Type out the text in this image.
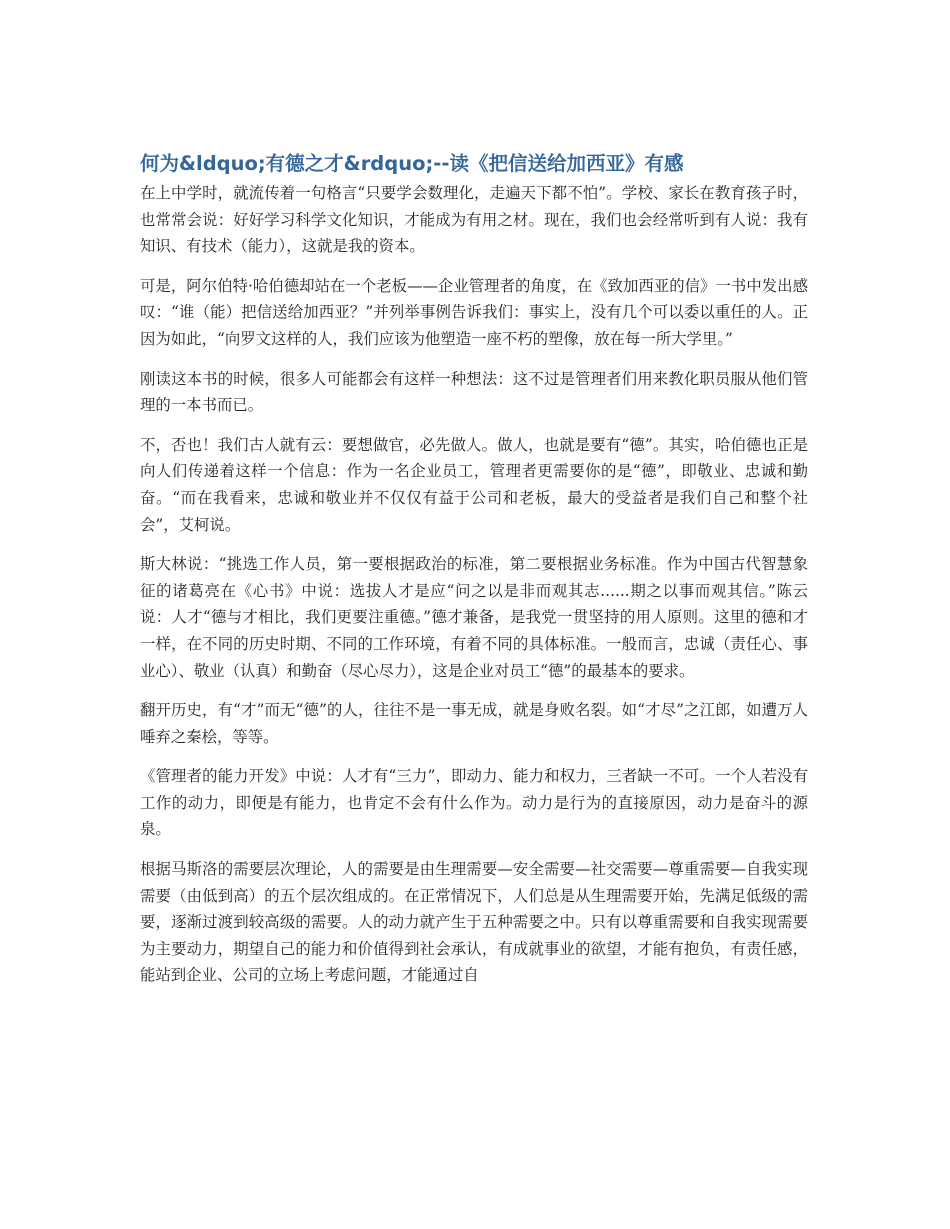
何为&ldquo;有德之才&rdquo;--读《把信送给加西亚》有感

在上中学时，就流传着一句格言“只要学会数理化，走遍天下都不怕”。学校、家长在教育孩子时，也常常会说：好好学习科学文化知识，才能成为有用之材。现在，我们也会经常听到有人说：我有知识、有技术（能力），这就是我的资本。

可是，阿尔伯特·哈伯德却站在一个老板——企业管理者的角度，在《致加西亚的信》一书中发出感叹：“谁（能）把信送给加西亚？”并列举事例告诉我们：事实上，没有几个可以委以重任的人。正因为如此，“向罗文这样的人，我们应该为他塑造一座不朽的塑像，放在每一所大学里。”

刚读这本书的时候，很多人可能都会有这样一种想法：这不过是管理者们用来教化职员服从他们管理的一本书而已。

不，否也！我们古人就有云：要想做官，必先做人。做人，也就是要有“德”。其实，哈伯德也正是向人们传递着这样一个信息：作为一名企业员工，管理者更需要你的是“德”，即敬业、忠诚和勤奋。“而在我看来，忠诚和敬业并不仅仅有益于公司和老板，最大的受益者是我们自己和整个社会”，艾柯说。

斯大林说：“挑选工作人员，第一要根据政治的标准，第二要根据业务标准。作为中国古代智慧象征的诸葛亮在《心书》中说：选拔人才是应“问之以是非而观其志......期之以事而观其信。”陈云说：人才“德与才相比，我们更要注重德。”德才兼备，是我党一贯坚持的用人原则。这里的德和才一样，在不同的历史时期、不同的工作环境，有着不同的具体标准。一般而言，忠诚（责任心、事业心）、敬业（认真）和勤奋（尽心尽力），这是企业对员工“德”的最基本的要求。

翻开历史，有“才”而无“德”的人，往往不是一事无成，就是身败名裂。如“才尽”之江郎，如遭万人唾弃之秦桧，等等。

《管理者的能力开发》中说：人才有“三力”，即动力、能力和权力，三者缺一不可。一个人若没有工作的动力，即便是有能力，也肯定不会有什么作为。动力是行为的直接原因，动力是奋斗的源泉。

根据马斯洛的需要层次理论，人的需要是由生理需要—安全需要—社交需要—尊重需要—自我实现需要（由低到高）的五个层次组成的。在正常情况下，人们总是从生理需要开始，先满足低级的需要，逐渐过渡到较高级的需要。人的动力就产生于五种需要之中。只有以尊重需要和自我实现需要为主要动力，期望自己的能力和价值得到社会承认，有成就事业的欲望，才能有抱负，有责任感，能站到企业、公司的立场上考虑问题，才能通过自
